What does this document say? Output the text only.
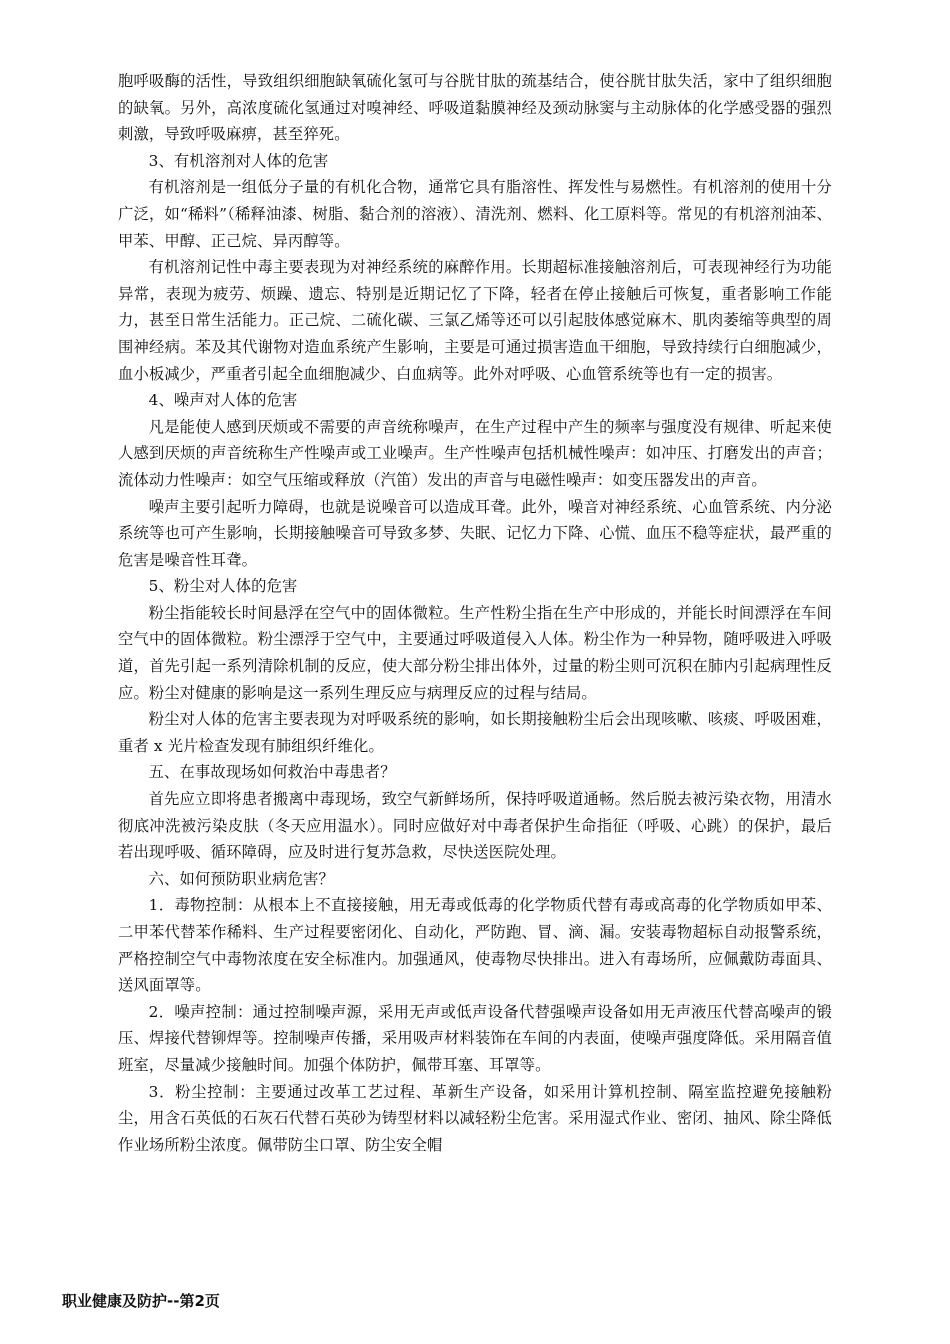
胞呼吸酶的活性，导致组织细胞缺氧硫化氢可与谷胱甘肽的巯基结合，使谷胱甘肽失活，家中了组织细胞的缺氧。另外，高浓度硫化氢通过对嗅神经、呼吸道黏膜神经及颈动脉窦与主动脉体的化学感受器的强烈刺激，导致呼吸麻痹，甚至猝死。

3、有机溶剂对人体的危害

有机溶剂是一组低分子量的有机化合物，通常它具有脂溶性、挥发性与易燃性。有机溶剂的使用十分广泛，如“稀料”（稀释油漆、树脂、黏合剂的溶液）、清洗剂、燃料、化工原料等。常见的有机溶剂油苯、甲苯、甲醇、正己烷、异丙醇等。

有机溶剂记性中毒主要表现为对神经系统的麻醉作用。长期超标准接触溶剂后，可表现神经行为功能异常，表现为疲劳、烦躁、遗忘、特别是近期记忆了下降，轻者在停止接触后可恢复，重者影响工作能力，甚至日常生活能力。正己烷、二硫化碳、三氯乙烯等还可以引起肢体感觉麻木、肌肉萎缩等典型的周围神经病。苯及其代谢物对造血系统产生影响，主要是可通过损害造血干细胞，导致持续行白细胞减少，血小板减少，严重者引起全血细胞减少、白血病等。此外对呼吸、心血管系统等也有一定的损害。

4、噪声对人体的危害

凡是能使人感到厌烦或不需要的声音统称噪声，在生产过程中产生的频率与强度没有规律、听起来使人感到厌烦的声音统称生产性噪声或工业噪声。生产性噪声包括机械性噪声：如冲压、打磨发出的声音；流体动力性噪声：如空气压缩或释放（汽笛）发出的声音与电磁性噪声：如变压器发出的声音。

噪声主要引起听力障碍，也就是说噪音可以造成耳聋。此外，噪音对神经系统、心血管系统、内分泌系统等也可产生影响，长期接触噪音可导致多梦、失眠、记忆力下降、心慌、血压不稳等症状，最严重的危害是噪音性耳聋。

5、粉尘对人体的危害

粉尘指能较长时间悬浮在空气中的固体微粒。生产性粉尘指在生产中形成的，并能长时间漂浮在车间空气中的固体微粒。粉尘漂浮于空气中，主要通过呼吸道侵入人体。粉尘作为一种异物，随呼吸进入呼吸道，首先引起一系列清除机制的反应，使大部分粉尘排出体外，过量的粉尘则可沉积在肺内引起病理性反应。粉尘对健康的影响是这一系列生理反应与病理反应的过程与结局。

粉尘对人体的危害主要表现为对呼吸系统的影响，如长期接触粉尘后会出现咳嗽、咳痰、呼吸困难，重者 x 光片检查发现有肺组织纤维化。

五、在事故现场如何救治中毒患者？

首先应立即将患者搬离中毒现场，致空气新鲜场所，保持呼吸道通畅。然后脱去被污染衣物，用清水彻底冲洗被污染皮肤（冬天应用温水）。同时应做好对中毒者保护生命指征（呼吸、心跳）的保护，最后若出现呼吸、循环障碍，应及时进行复苏急救，尽快送医院处理。

六、如何预防职业病危害？

1．毒物控制：从根本上不直接接触，用无毒或低毒的化学物质代替有毒或高毒的化学物质如甲苯、二甲苯代替苯作稀料、生产过程要密闭化、自动化，严防跑、冒、滴、漏。安装毒物超标自动报警系统，严格控制空气中毒物浓度在安全标准内。加强通风，使毒物尽快排出。进入有毒场所，应佩戴防毒面具、送风面罩等。

2．噪声控制：通过控制噪声源，采用无声或低声设备代替强噪声设备如用无声液压代替高噪声的锻压、焊接代替铆焊等。控制噪声传播，采用吸声材料装饰在车间的内表面，使噪声强度降低。采用隔音值班室，尽量减少接触时间。加强个体防护，佩带耳塞、耳罩等。

3．粉尘控制：主要通过改革工艺过程、革新生产设备，如采用计算机控制、隔室监控避免接触粉尘，用含石英低的石灰石代替石英砂为铸型材料以减轻粉尘危害。采用湿式作业、密闭、抽风、除尘降低作业场所粉尘浓度。佩带防尘口罩、防尘安全帽

职业健康及防护--第2页
